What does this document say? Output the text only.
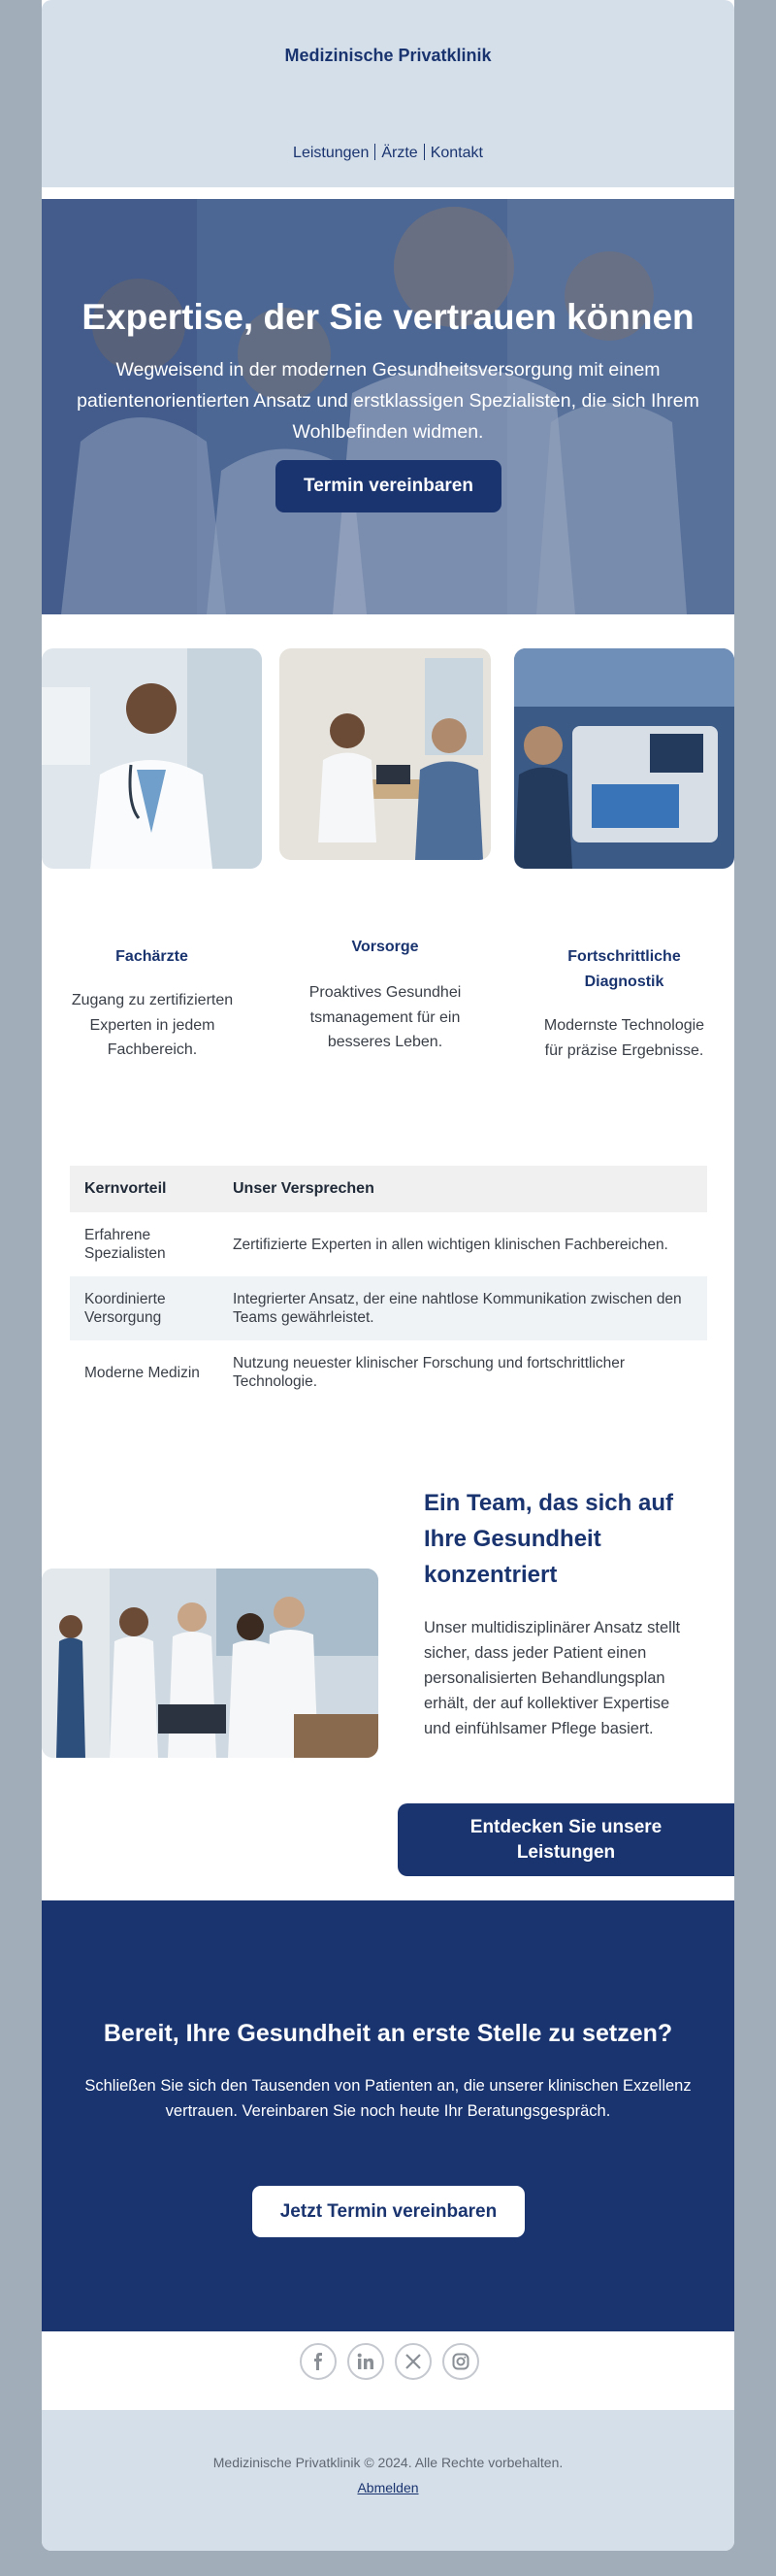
Medizinische Privatklinik
Leistungen Ärzte Kontakt
Expertise, der Sie vertrauen können
Wegweisend in der modernen Gesundheitsversorgung mit einem patientenorientierten Ansatz und erstklassigen Spezialisten, die sich Ihrem Wohlbefinden widmen.
Termin vereinbaren
Fachärzte
Zugang zu zertifizierten Experten in jedem Fachbereich.
Vorsorge
Proaktives Gesundheitsmanagement für ein besseres Leben.
Fortschrittliche Diagnostik
Modernste Technologie für präzise Ergebnisse.
Kernvorteil	Unser Versprechen
Erfahrene Spezialisten	Zertifizierte Experten in allen wichtigen klinischen Fachbereichen.
Koordinierte Versorgung	Integrierter Ansatz, der eine nahtlose Kommunikation zwischen den Teams gewährleistet.
Moderne Medizin	Nutzung neuester klinischer Forschung und fortschrittlicher Technologie.
Ein Team, das sich auf Ihre Gesundheit konzentriert
Unser multidisziplinärer Ansatz stellt sicher, dass jeder Patient einen personalisierten Behandlungsplan erhält, der auf kollektiver Expertise und einfühlsamer Pflege basiert.
Entdecken Sie unsere Leistungen
Bereit, Ihre Gesundheit an erste Stelle zu setzen?
Schließen Sie sich den Tausenden von Patienten an, die unserer klinischen Exzellenz vertrauen. Vereinbaren Sie noch heute Ihr Beratungsgespräch.
Jetzt Termin vereinbaren
Medizinische Privatklinik © 2024. Alle Rechte vorbehalten.
Abmelden
